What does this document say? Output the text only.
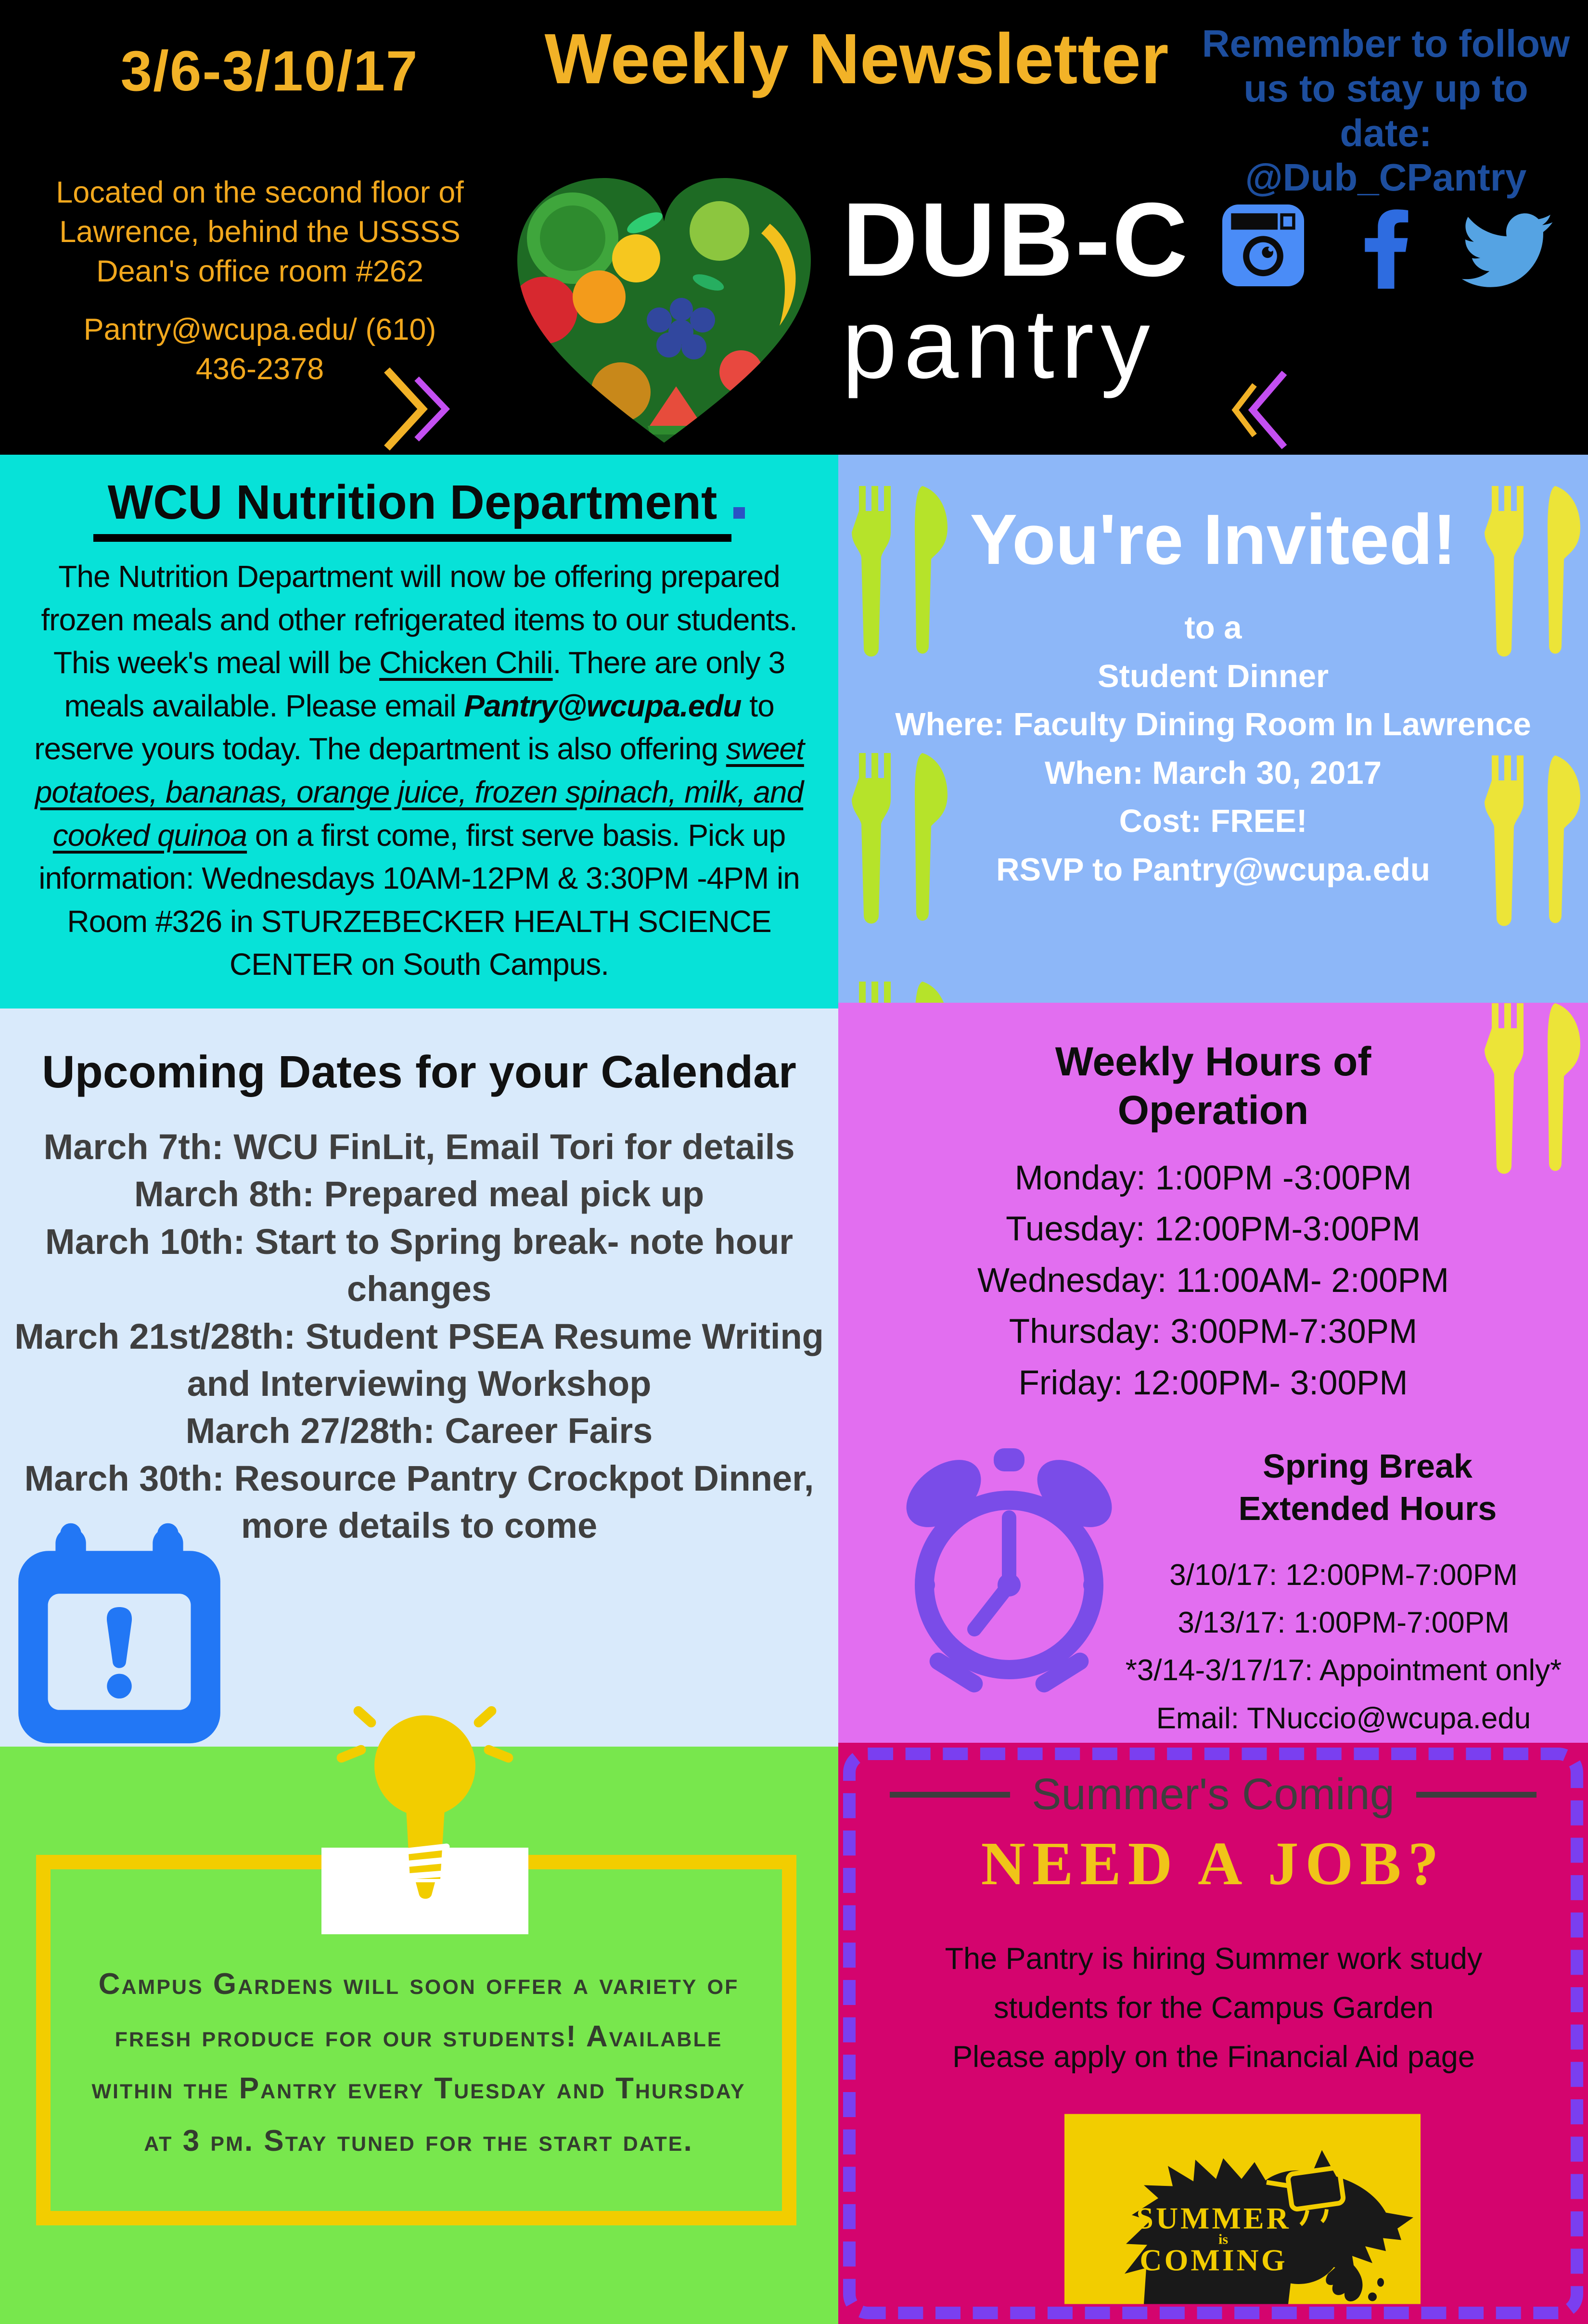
3/6-3/10/17	Weekly Newsletter
Located on the second floor of Lawrence, behind the USSSS Dean's office room #262
Pantry@wcupa.edu/ (610) 436-2378
Remember to follow us to stay up to date:
@Dub_CPantry
DUB-C
pantry
WCU Nutrition Department

The Nutrition Department will now be offering prepared frozen meals and other refrigerated items to our students. This week's meal will be Chicken Chili. There are only 3 meals available. Please email Pantry@wcupa.edu to reserve yours today. The department is also offering sweet potatoes, bananas, orange juice, frozen spinach, milk, and cooked quinoa on a first come, first serve basis. Pick up information: Wednesdays 10AM-12PM & 3:30PM -4PM in Room #326 in STURZEBECKER HEALTH SCIENCE CENTER on South Campus.

You're Invited!

to a

Student Dinner

Where: Faculty Dining Room In Lawrence

When: March 30, 2017

Cost: FREE!

RSVP to Pantry@wcupa.edu

Upcoming Dates for your Calendar

March 7th: WCU FinLit, Email Tori for details

March 8th: Prepared meal pick up

March 10th: Start to Spring break- note hour changes

March 21st/28th: Student PSEA Resume Writing and Interviewing Workshop

March 27/28th: Career Fairs

March 30th: Resource Pantry Crockpot Dinner, more details to come

Weekly Hours of Operation

Monday: 1:00PM -3:00PM

Tuesday: 12:00PM-3:00PM

Wednesday: 11:00AM- 2:00PM

Thursday: 3:00PM-7:30PM

Friday: 12:00PM- 3:00PM

Spring Break
Extended Hours

3/10/17: 12:00PM-7:00PM

3/13/17: 1:00PM-7:00PM

*3/14-3/17/17: Appointment only*

Email: TNuccio@wcupa.edu

Campus Gardens will soon offer a variety of fresh produce for our students! Available within the Pantry every Tuesday and Thursday at 3 pm. Stay tuned for the start date.
Summer's Coming
NEED A JOB?

The Pantry is hiring Summer work study

students for the Campus Garden

Please apply on the Financial Aid page

SUMMER
is
COMING
